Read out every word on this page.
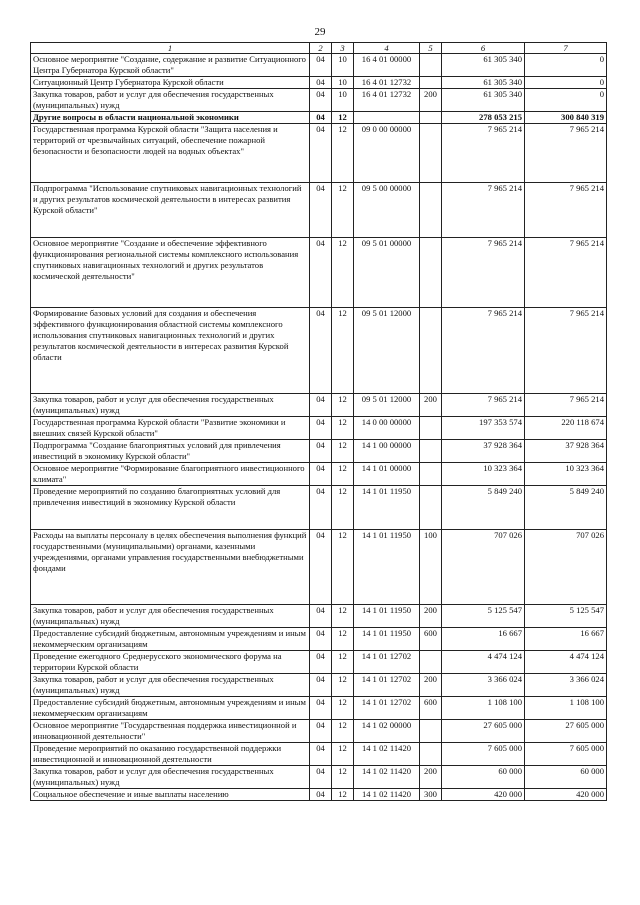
29
1	2	3	4	5	6	7
Основное мероприятие "Создание, содержание и развитие Ситуационного Центра Губернатора Курской области"	04	10	16 4 01 00000		61 305 340	0
Ситуационный Центр Губернатора Курской области	04	10	16 4 01 12732		61 305 340	0
Закупка товаров, работ и услуг для обеспечения государственных (муниципальных) нужд	04	10	16 4 01 12732	200	61 305 340	0
Другие вопросы в области национальной экономики	04	12			278 053 215	300 840 319
Государственная программа Курской области "Защита населения и территорий от чрезвычайных ситуаций, обеспечение пожарной безопасности и безопасности людей на водных объектах"	04	12	09 0 00 00000		7 965 214	7 965 214
Подпрограмма "Использование спутниковых навигационных технологий и других результатов космической деятельности в интересах развития Курской области"	04	12	09 5 00 00000		7 965 214	7 965 214
Основное мероприятие "Создание и обеспечение эффективного функционирования региональной системы комплексного использования спутниковых навигационных технологий и других результатов космической деятельности"	04	12	09 5 01 00000		7 965 214	7 965 214
Формирование базовых условий для создания и обеспечения эффективного функционирования областной системы комплексного использования спутниковых навигационных технологий и других результатов космической деятельности в интересах развития Курской области	04	12	09 5 01 12000		7 965 214	7 965 214
Закупка товаров, работ и услуг для обеспечения государственных (муниципальных) нужд	04	12	09 5 01 12000	200	7 965 214	7 965 214
Государственная программа Курской области "Развитие экономики и внешних связей Курской области"	04	12	14 0 00 00000		197 353 574	220 118 674
Подпрограмма "Создание благоприятных условий для привлечения инвестиций в экономику Курской области"	04	12	14 1 00 00000		37 928 364	37 928 364
Основное мероприятие "Формирование благоприятного инвестиционного климата"	04	12	14 1 01 00000		10 323 364	10 323 364
Проведение мероприятий по созданию благоприятных условий для привлечения инвестиций в экономику Курской области	04	12	14 1 01 11950		5 849 240	5 849 240
Расходы на выплаты персоналу в целях обеспечения выполнения функций государственными (муниципальными) органами, казенными учреждениями, органами управления государственными внебюджетными фондами	04	12	14 1 01 11950	100	707 026	707 026
Закупка товаров, работ и услуг для обеспечения государственных (муниципальных) нужд	04	12	14 1 01 11950	200	5 125 547	5 125 547
Предоставление субсидий бюджетным, автономным учреждениям и иным некоммерческим организациям	04	12	14 1 01 11950	600	16 667	16 667
Проведение ежегодного Среднерусского экономического форума на территории Курской области	04	12	14 1 01 12702		4 474 124	4 474 124
Закупка товаров, работ и услуг для обеспечения государственных (муниципальных) нужд	04	12	14 1 01 12702	200	3 366 024	3 366 024
Предоставление субсидий бюджетным, автономным учреждениям и иным некоммерческим организациям	04	12	14 1 01 12702	600	1 108 100	1 108 100
Основное мероприятие "Государственная поддержка инвестиционной и инновационной деятельности"	04	12	14 1 02 00000		27 605 000	27 605 000
Проведение мероприятий по оказанию государственной поддержки инвестиционной и инновационной деятельности	04	12	14 1 02 11420		7 605 000	7 605 000
Закупка товаров, работ и услуг для обеспечения государственных (муниципальных) нужд	04	12	14 1 02 11420	200	60 000	60 000
Социальное обеспечение и иные выплаты населению	04	12	14 1 02 11420	300	420 000	420 000
